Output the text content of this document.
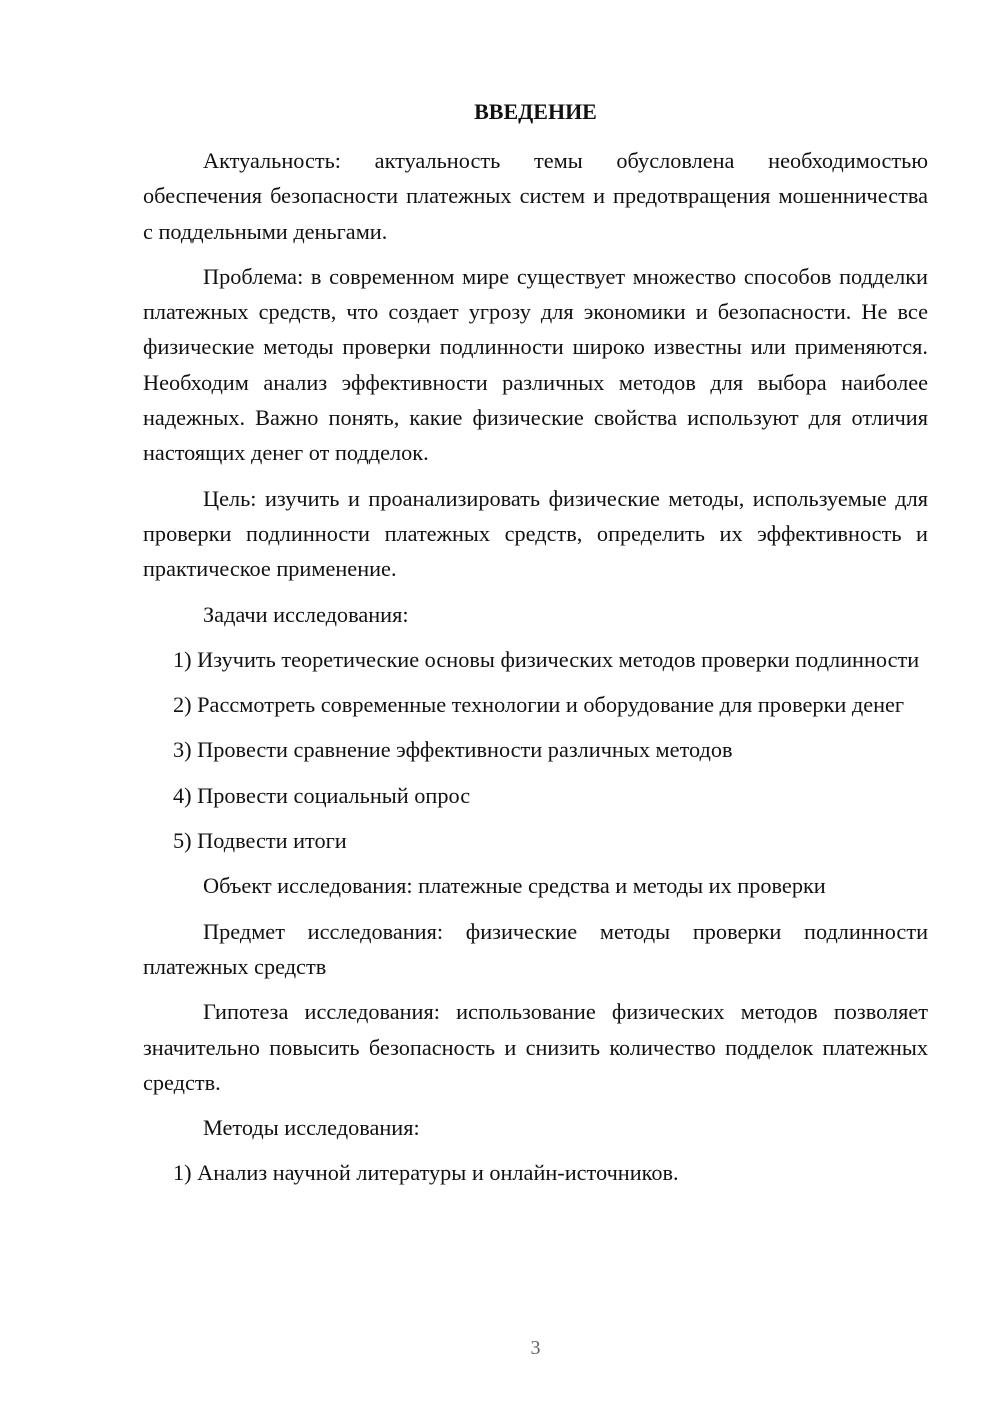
ВВЕДЕНИЕ

Актуальность: актуальность темы обусловлена необходимостью обеспечения безопасности платежных систем и предотвращения мошенничества с поддельными деньгами.

Проблема: в современном мире существует множество способов подделки платежных средств, что создает угрозу для экономики и безопасности. Не все физические методы проверки подлинности широко известны или применяются. Необходим анализ эффективности различных методов для выбора наиболее надежных. Важно понять, какие физические свойства используют для отличия настоящих денег от подделок.

Цель: изучить и проанализировать физические методы, используемые для проверки подлинности платежных средств, определить их эффективность и практическое применение.

Задачи исследования:

1) Изучить теоретические основы физических методов проверки подлинности

2) Рассмотреть современные технологии и оборудование для проверки денег

3) Провести сравнение эффективности различных методов

4) Провести социальный опрос

5) Подвести итоги

Объект исследования: платежные средства и методы их проверки

Предмет исследования: физические методы проверки подлинности платежных средств

Гипотеза исследования: использование физических методов позволяет значительно повысить безопасность и снизить количество подделок платежных средств.

Методы исследования:

1) Анализ научной литературы и онлайн-источников.

3
